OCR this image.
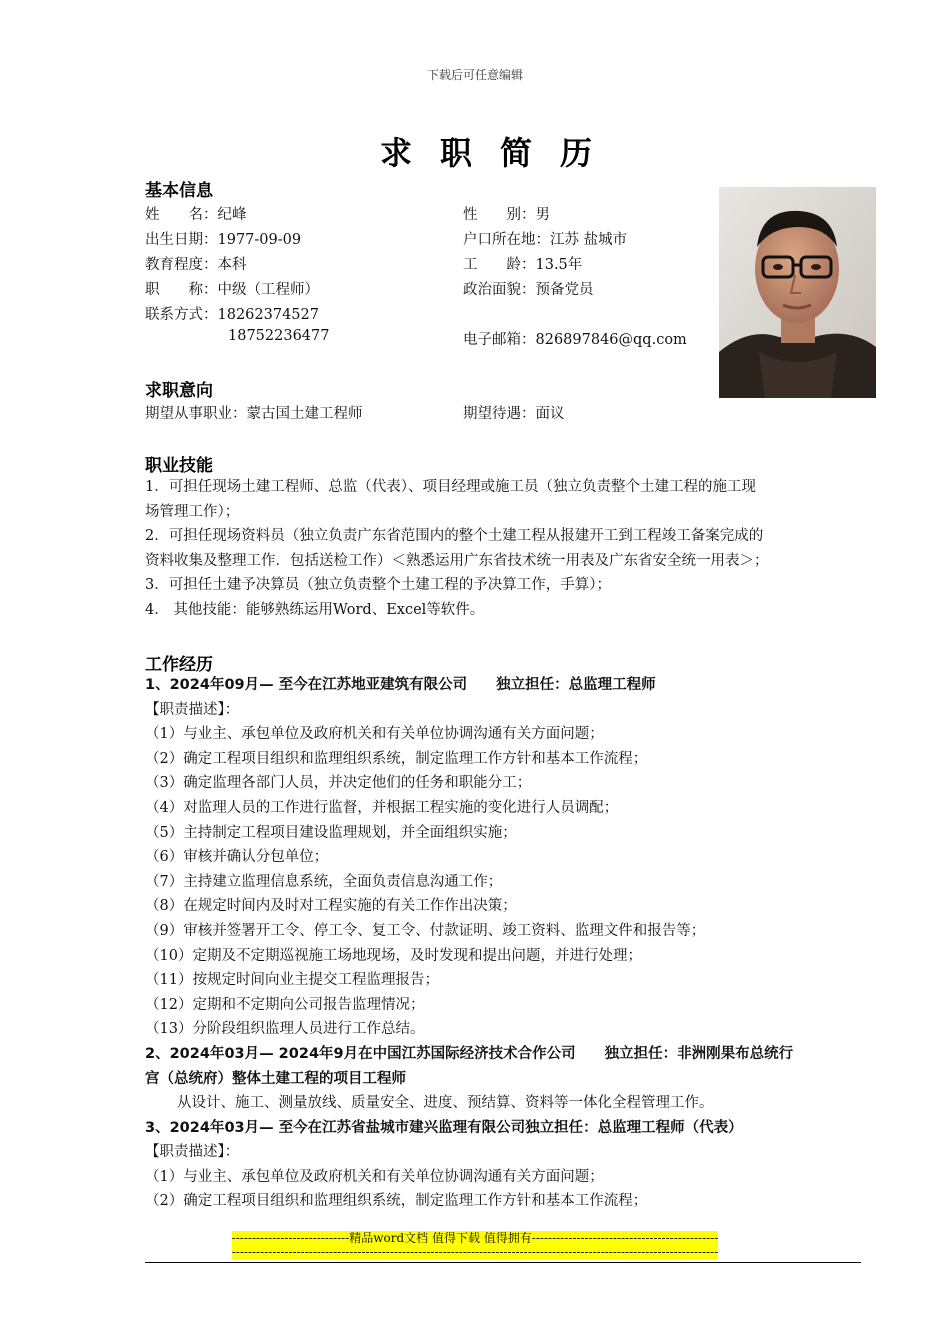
下载后可任意编辑
求职简历
基本信息
姓　　名：纪峰	性　　别：男
出生日期：1977-09-09	户口所在地：江苏 盐城市
教育程度：本科	工　　龄：13.5年
职　　称：中级（工程师）	政治面貌：预备党员
联系方式：18262374527
18752236477	电子邮箱：826897846@qq.com
求职意向
期望从事职业：蒙古国土建工程师	期望待遇：面议
职业技能
1．可担任现场土建工程师、总监（代表）、项目经理或施工员（独立负责整个土建工程的施工现
场管理工作）；
2．可担任现场资料员（独立负责广东省范围内的整个土建工程从报建开工到工程竣工备案完成的
资料收集及整理工作．包括送检工作）＜熟悉运用广东省技术统一用表及广东省安全统一用表＞；
3．可担任土建予决算员（独立负责整个土建工程的予决算工作，手算）；
4． 其他技能：能够熟练运用Word、Excel等软件。
工作经历
1、2024年09月— 至今在江苏地亚建筑有限公司　　独立担任：总监理工程师
【职责描述】：
（1）与业主、承包单位及政府机关和有关单位协调沟通有关方面问题；
（2）确定工程项目组织和监理组织系统，制定监理工作方针和基本工作流程；
（3）确定监理各部门人员，并决定他们的任务和职能分工；
（4）对监理人员的工作进行监督，并根据工程实施的变化进行人员调配；
（5）主持制定工程项目建设监理规划，并全面组织实施；
（6）审核并确认分包单位；
（7）主持建立监理信息系统，全面负责信息沟通工作；
（8）在规定时间内及时对工程实施的有关工作作出决策；
（9）审核并签署开工令、停工令、复工令、付款证明、竣工资料、监理文件和报告等；
（10）定期及不定期巡视施工场地现场，及时发现和提出问题，并进行处理；
（11）按规定时间向业主提交工程监理报告；
（12）定期和不定期向公司报告监理情况；
（13）分阶段组织监理人员进行工作总结。
2、2024年03月— 2024年9月在中国江苏国际经济技术合作公司　　独立担任：非洲刚果布总统行
宫（总统府）整体土建工程的项目工程师
从设计、施工、测量放线、质量安全、进度、预结算、资料等一体化全程管理工作。
3、2024年03月— 至今在江苏省盐城市建兴监理有限公司独立担任：总监理工程师（代表）
【职责描述】：
（1）与业主、承包单位及政府机关和有关单位协调沟通有关方面问题；
（2）确定工程项目组织和监理组织系统，制定监理工作方针和基本工作流程；
-----------------------------精品word文档 值得下载 值得拥有----------------------------------------------
------------------------------------------------------------------------------------------------------------------------
